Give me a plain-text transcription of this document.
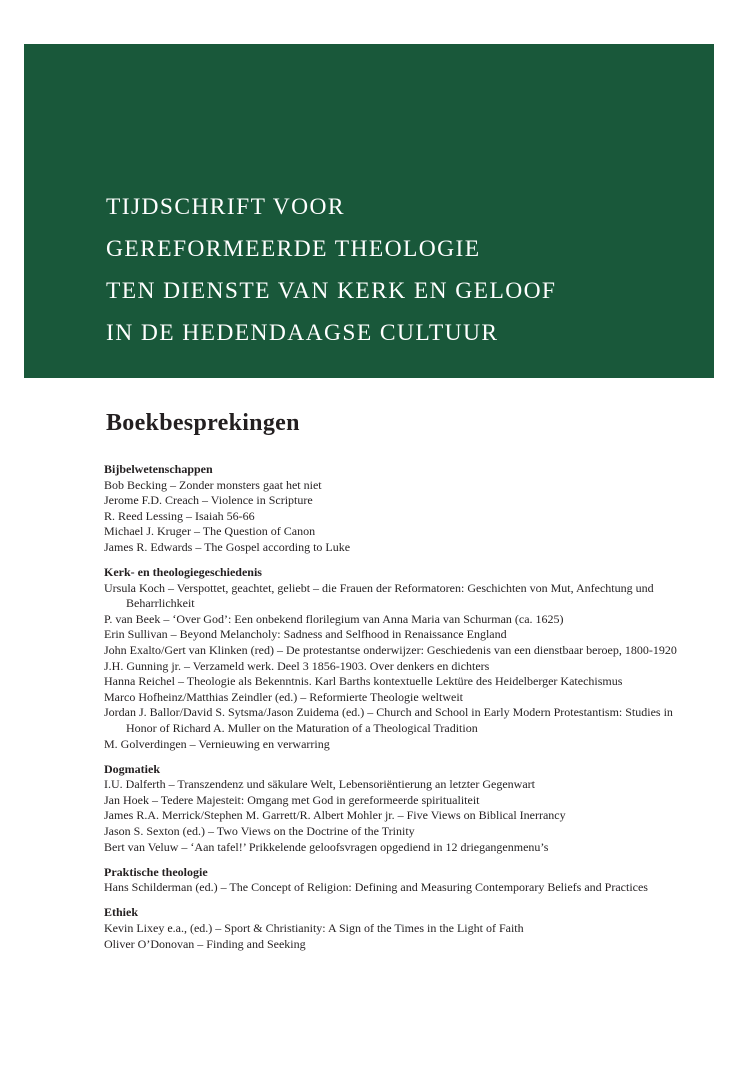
TIJDSCHRIFT VOOR
GEREFORMEERDE THEOLOGIE
TEN DIENSTE VAN KERK EN GELOOF
IN DE HEDENDAAGSE CULTUUR
Boekbesprekingen
Bijbelwetenschappen
Bob Becking – Zonder monsters gaat het niet
Jerome F.D. Creach – Violence in Scripture
R. Reed Lessing – Isaiah 56-66
Michael J. Kruger – The Question of Canon
James R. Edwards – The Gospel according to Luke
Kerk- en theologiegeschiedenis
Ursula Koch – Verspottet, geachtet, geliebt – die Frauen der Reformatoren: Geschichten von Mut, Anfechtung und Beharrlichkeit
P. van Beek – ‘Over God’: Een onbekend florilegium van Anna Maria van Schurman (ca. 1625)
Erin Sullivan – Beyond Melancholy: Sadness and Selfhood in Renaissance England
John Exalto/Gert van Klinken (red) – De protestantse onderwijzer: Geschiedenis van een dienstbaar beroep, 1800-1920
J.H. Gunning jr. – Verzameld werk. Deel 3 1856-1903. Over denkers en dichters
Hanna Reichel – Theologie als Bekenntnis. Karl Barths kontextuelle Lektüre des Heidelberger Katechismus
Marco Hofheinz/Matthias Zeindler (ed.) – Reformierte Theologie weltweit
Jordan J. Ballor/David S. Sytsma/Jason Zuidema (ed.) – Church and School in Early Modern Protestantism: Studies in Honor of Richard A. Muller on the Maturation of a Theological Tradition
M. Golverdingen – Vernieuwing en verwarring
Dogmatiek
I.U. Dalferth – Transzendenz und säkulare Welt, Lebensoriëntierung an letzter Gegenwart
Jan Hoek – Tedere Majesteit: Omgang met God in gereformeerde spiritualiteit
James R.A. Merrick/Stephen M. Garrett/R. Albert Mohler jr. – Five Views on Biblical Inerrancy
Jason S. Sexton (ed.) – Two Views on the Doctrine of the Trinity
Bert van Veluw – ‘Aan tafel!’ Prikkelende geloofsvragen opgediend in 12 driegangenmenu’s
Praktische theologie
Hans Schilderman (ed.) – The Concept of Religion: Defining and Measuring Contemporary Beliefs and Practices
Ethiek
Kevin Lixey e.a., (ed.) – Sport & Christianity: A Sign of the Times in the Light of Faith
Oliver O’Donovan – Finding and Seeking
